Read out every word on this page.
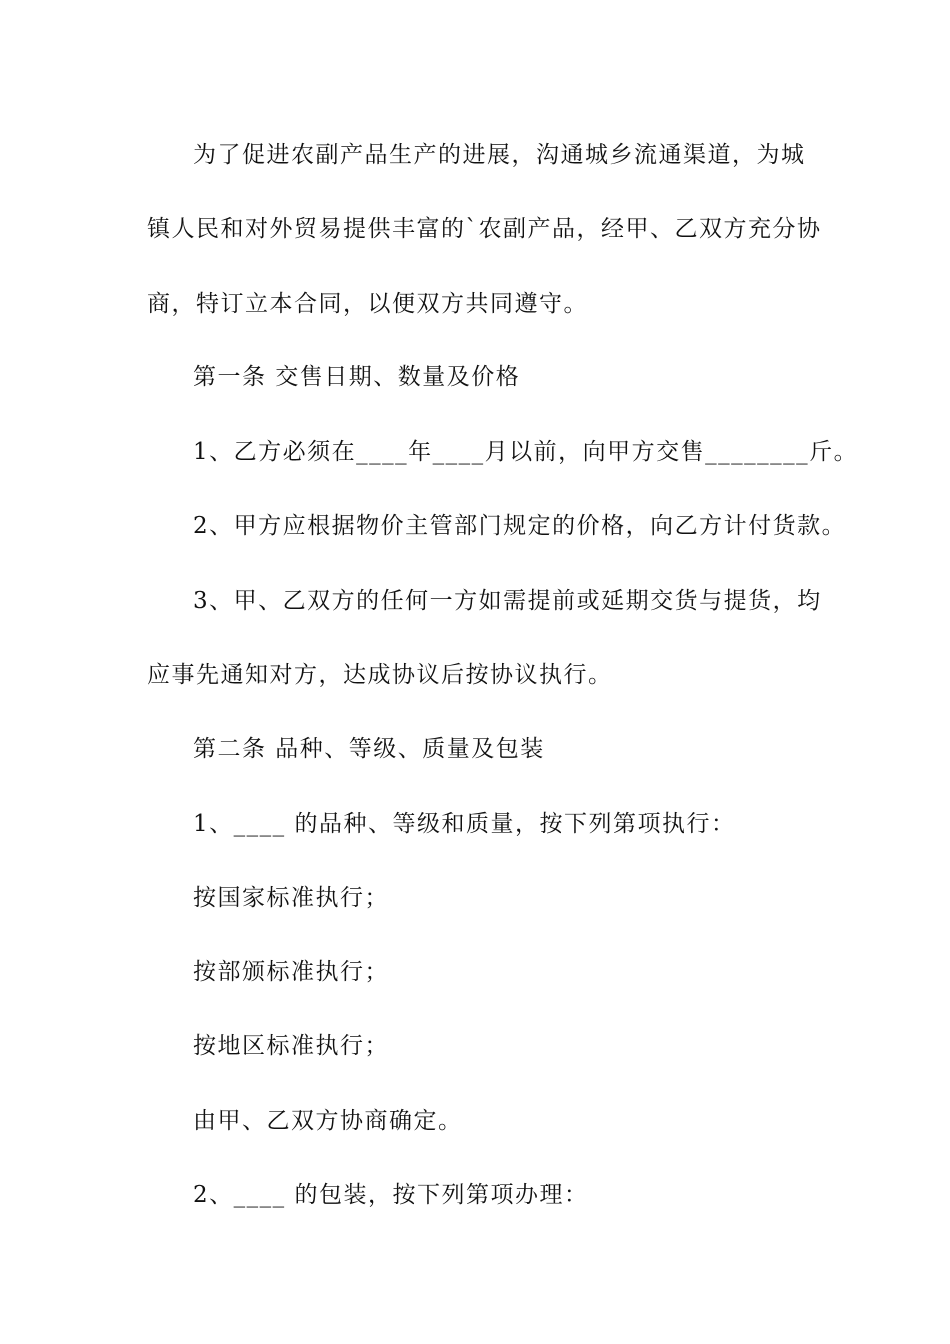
为了促进农副产品生产的进展，沟通城乡流通渠道，为城
镇人民和对外贸易提供丰富的`农副产品，经甲、乙双方充分协
商，特订立本合同，以便双方共同遵守。
第一条 交售日期、数量及价格
1、乙方必须在____年____月以前，向甲方交售________斤。
2、甲方应根据物价主管部门规定的价格，向乙方计付货款。
3、甲、乙双方的任何一方如需提前或延期交货与提货，均
应事先通知对方，达成协议后按协议执行。
第二条 品种、等级、质量及包装
1、____ 的品种、等级和质量，按下列第项执行：
按国家标准执行；
按部颁标准执行；
按地区标准执行；
由甲、乙双方协商确定。
2、____ 的包装，按下列第项办理：
